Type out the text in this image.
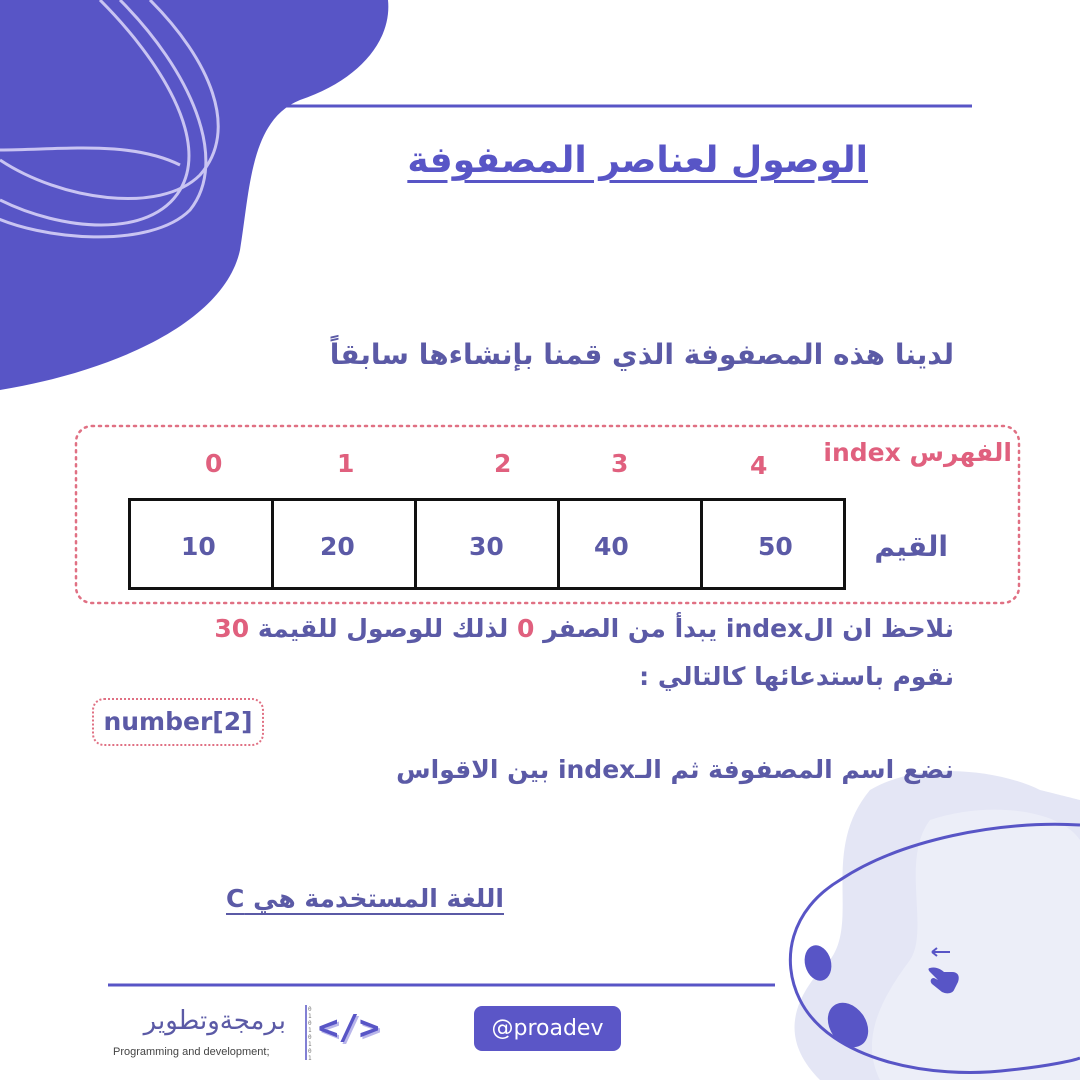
الوصول لعناصر المصفوفة
لدينا هذه المصفوفة الذي قمنا بإنشاءها سابقاً
الفهرس index
0	1	2	3	4
10	20	30	40	50	القيم
نلاحظ ان الindex يبدأ من الصفر 0 لذلك للوصول للقيمة 30
نقوم باستدعائها كالتالي :
number[2]
نضع اسم المصفوفة ثم الـindex بين الاقواس
اللغة المستخدمة هي C
برمجةوتطوير
Programming and development;
0 1 0 1 0 1 0 1
</>	@proadev
